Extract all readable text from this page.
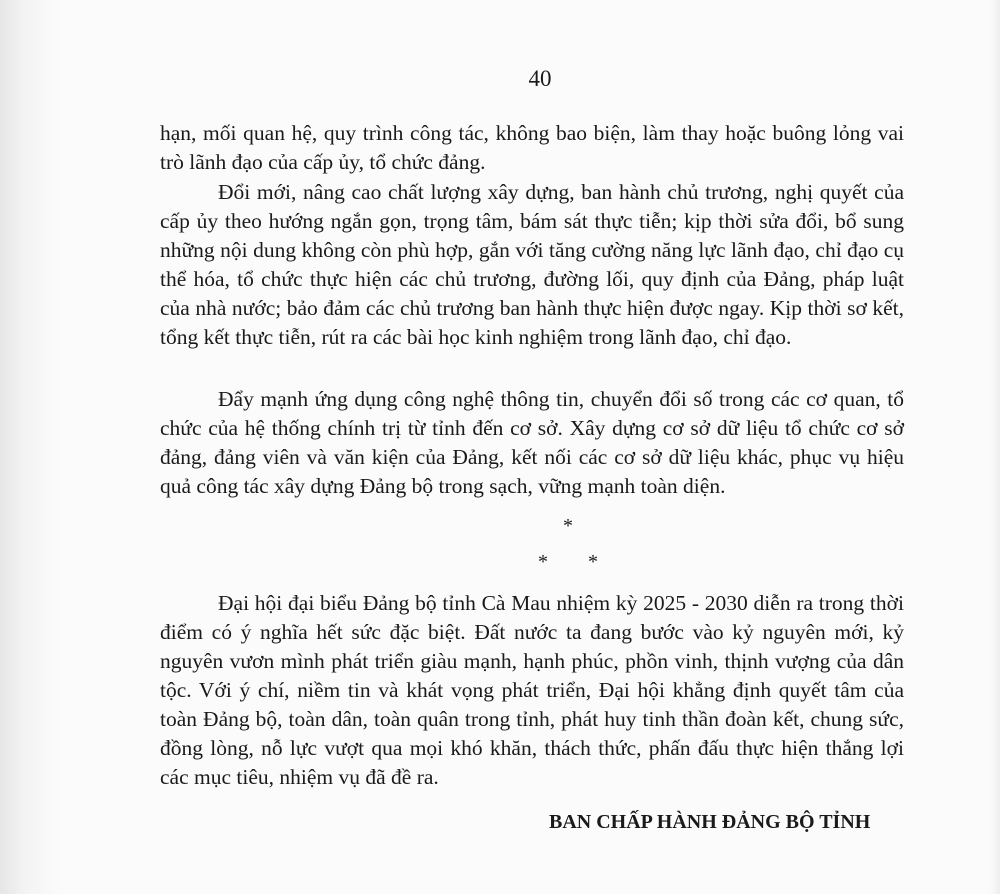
40

hạn, mối quan hệ, quy trình công tác, không bao biện, làm thay hoặc buông lỏng vai trò lãnh đạo của cấp ủy, tổ chức đảng.

Đổi mới, nâng cao chất lượng xây dựng, ban hành chủ trương, nghị quyết của cấp ủy theo hướng ngắn gọn, trọng tâm, bám sát thực tiễn; kịp thời sửa đổi, bổ sung những nội dung không còn phù hợp, gắn với tăng cường năng lực lãnh đạo, chỉ đạo cụ thể hóa, tổ chức thực hiện các chủ trương, đường lối, quy định của Đảng, pháp luật của nhà nước; bảo đảm các chủ trương ban hành thực hiện được ngay. Kịp thời sơ kết, tổng kết thực tiễn, rút ra các bài học kinh nghiệm trong lãnh đạo, chỉ đạo.

Đẩy mạnh ứng dụng công nghệ thông tin, chuyển đổi số trong các cơ quan, tổ chức của hệ thống chính trị từ tỉnh đến cơ sở. Xây dựng cơ sở dữ liệu tổ chức cơ sở đảng, đảng viên và văn kiện của Đảng, kết nối các cơ sở dữ liệu khác, phục vụ hiệu quả công tác xây dựng Đảng bộ trong sạch, vững mạnh toàn diện.

*
* *

Đại hội đại biểu Đảng bộ tỉnh Cà Mau nhiệm kỳ 2025 - 2030 diễn ra trong thời điểm có ý nghĩa hết sức đặc biệt. Đất nước ta đang bước vào kỷ nguyên mới, kỷ nguyên vươn mình phát triển giàu mạnh, hạnh phúc, phồn vinh, thịnh vượng của dân tộc. Với ý chí, niềm tin và khát vọng phát triển, Đại hội khẳng định quyết tâm của toàn Đảng bộ, toàn dân, toàn quân trong tỉnh, phát huy tinh thần đoàn kết, chung sức, đồng lòng, nỗ lực vượt qua mọi khó khăn, thách thức, phấn đấu thực hiện thắng lợi các mục tiêu, nhiệm vụ đã đề ra.

BAN CHẤP HÀNH ĐẢNG BỘ TỈNH
